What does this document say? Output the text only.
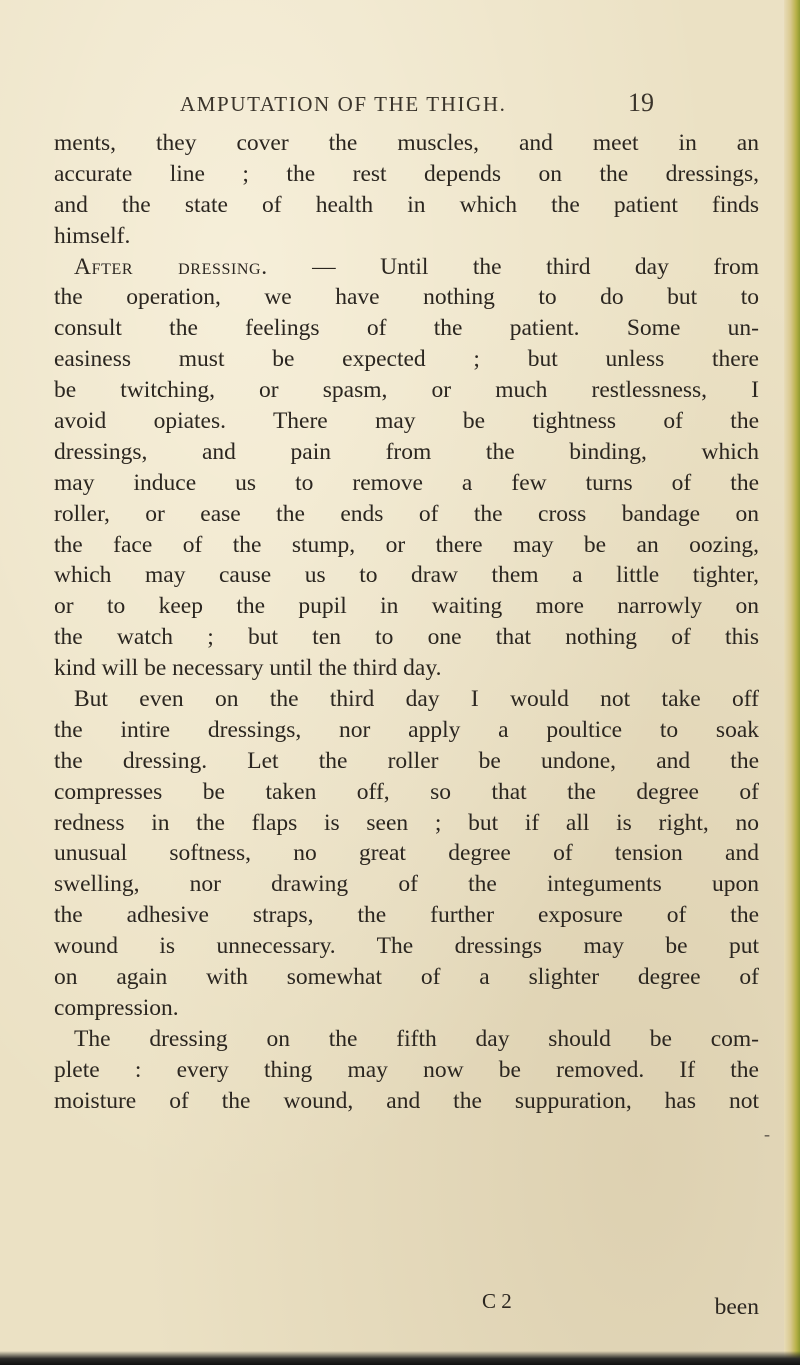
AMPUTATION OF THE THIGH.	19
ments, they cover the muscles, and meet in an
accurate line ; the rest depends on the dressings,
and the state of health in which the patient finds
himself.
After dressing. — Until the third day from
the operation, we have nothing to do but to
consult the feelings of the patient. Some un-
easiness must be expected ; but unless there
be twitching, or spasm, or much restlessness, I
avoid opiates. There may be tightness of the
dressings, and pain from the binding, which
may induce us to remove a few turns of the
roller, or ease the ends of the cross bandage on
the face of the stump, or there may be an oozing,
which may cause us to draw them a little tighter,
or to keep the pupil in waiting more narrowly on
the watch ; but ten to one that nothing of this
kind will be necessary until the third day.
But even on the third day I would not take off
the intire dressings, nor apply a poultice to soak
the dressing. Let the roller be undone, and the
compresses be taken off, so that the degree of
redness in the flaps is seen ; but if all is right, no
unusual softness, no great degree of tension and
swelling, nor drawing of the integuments upon
the adhesive straps, the further exposure of the
wound is unnecessary. The dressings may be put
on again with somewhat of a slighter degree of
compression.
The dressing on the fifth day should be com-
plete : every thing may now be removed. If the
moisture of the wound, and the suppuration, has not
-
C 2	been
